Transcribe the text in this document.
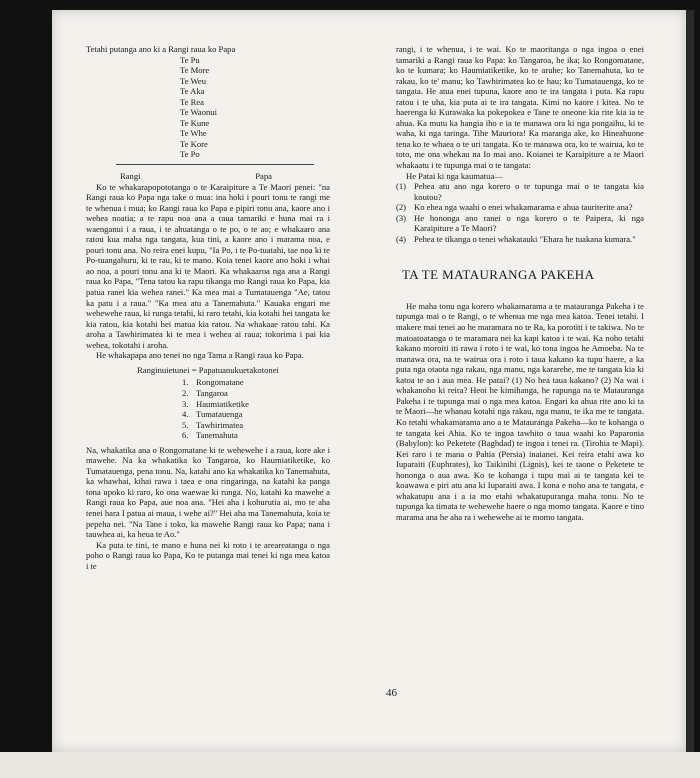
Tetahi putanga ano ki a Rangi raua ko Papa

Te Pu
Te More
Te Weu
Te Aka
Te Rea
Te Waonui
Te Kune
Te Whe
Te Kore
Te Po
Rangi	Papa

Ko te whakarapopototanga o te Karaipiture a Te Maori penei: "na Rangi raua ko Papa nga take o mua: ina hoki i pouri tonu te rangi me te whenua i mua; ko Rangi raua ko Papa e pipiri tonu ana, kaore ano i wehea noatia; a te rapu noa ana a raua tamariki e huna mai ra i waenganui i a raua, i te ahuatanga o te po, o te ao; e whakaaro ana ratou kua maha nga tangata, kua tini, a kaore ano i marama noa, e pouri tonu ana. No reira enei kupu, "Ia Po, i te Po-tuatahi, tae noa ki te Po-tuangahuru, ki te rau, ki te mano. Koia tenei kaore ano hoki i whai ao noa, a pouri tonu ana ki te Maori. Ka whakaaroa nga ana a Rangi raua ko Papa, "Tena tatou ka rapu tikanga mo Rangi raua ko Papa, kia patua ranei kia wehea ranei." Ka mea mai a Tumatauenga "Ae, tatou ka patu i a raua." "Ka mea atu a Tanemahuta." Kauaka engari me wehewehe raua, ki runga tetahi, ki raro tetahi, kia kotahi hei tangata ke kia ratou, kia kotahi hei matua kia ratou. Na whakaae ratou tahi. Ka aroha a Tawhirimatea ki te mea i wehea ai raua; tokorima i pai kia wehea, tokotahi i aroha.

He whakapapa ano tenei no nga Tama a Rangi raua ko Papa.

Ranginuietunei = Papatuanukuetakotonei
1. Rongomatane
2. Tangaroa
3. Haumiatiketike
4. Tumatauenga
5. Tawhirimatea
6. Tanemahuta

Na, whakatika ana o Rongomatane ki te wehewehe i a raua, kore ake i mawehe. Na ka whakatika ko Tangaroa, ko Haumiatiketike, ko Tumatauenga, pena tonu. Na, katahi ano ka whakatika ko Tanemahuta, ka whawhai, kihai rawa i taea e ona ringaringa, na katahi ka panga tona upoko ki raro, ko ona waewae ki runga. No, katahi ka mawehe a Rangi raua ko Papa, aue noa ana. "Hei aha i kohurutia ai, mo te aha tenei hara I patua ai maua, i wehe ai?" Hei aha ma Tanemahuta, koia te pepeha nei. "Na Tane i toko, ka mawehe Rangi raua ko Papa; nana i tauwhea ai, ka heua te Ao."

Ka puta te tini, te mano e huna nei ki roto i te areareatanga o nga poho o Rangi raua ko Papa, Ko te putanga mai tenei ki nga mea katoa i te

rangi, i te whenua, i te wai. Ko te maoritanga o nga ingoa o enei tamariki a Rangi raua ko Papa: ko Tangaroa, he ika; ko Rongomatane, ko te kumara; ko Haumiatiketike, ko te aruhe; ko Tanemahuta, ko te rakau, ko te' manu; ko Tawhirimatea ko te hau; ko Tumatauenga, ko te tangata. He atua enei tupuna, kaore ano te ira tangata i puta. Ka rapu ratou i te uha, kia puta ai te ira tangata. Kimi no kaore i kitea. No te haerenga ki Kurawaka ka pokepokea e Tane te oneone kia rite kia ia te ahua. Ka mutu ka hangia iho e ia te manawa ora ki nga pongaihu, ki te waha, ki nga taringa. Tihe Mauriora! Ka maranga ake, ko Hineahuone tena ko te whaea o te uri tangata. Ko te manawa ora, ko te wairua, ko te toto, me ona whekau na Io mai ano. Koianei te Karaipiture a te Maori whakaatu i te tupunga mai o te tangata:

He Patai ki nga kaumatua—

(1) Pehea atu ano nga korero o te tupunga mai o te tangata kia koutou?
(2) Ko ehea nga waahi o enei whakamarama e ahua tauriterite ana?
(3) He hononga ano ranei o nga korero o te Paipera, ki nga Karaipiture a Te Maori?
(4) Pehea te tikanga o tenei whakatauki "Ehara he tuakana kumara."
TA TE MATAURANGA PAKEHA

He maha tonu nga korero whakamarama a te matauranga Pakeha i te tupunga mai o te Rangi, o te whenua me nga mea katoa. Tenei tetahi. I makere mai tenei ao he maramara no te Ra, ka porotiti i te takiwa. No te matoatoatanga o te maramara nei ka kapi katoa i te wai. Ka noho tetahi kakano moroiti iti rawa i roto i te wai, ko tona ingoa he Amoeba. Na te manawa ora, na te wairua ora i roto i taua kakano ka tupu haere, a ka puta nga otaota nga rakau, nga manu, nga kararehe, me te tangata kia ki katoa te ao i aua mea. He patai? (1) No hea taua kakano? (2) Na wai i whakanoho ki reira? Heoi he kimihanga, he rapunga na te Matauranga Pakeha i te tupunga mai o nga mea katoa. Engari ka ahua rite ano ki ta te Maori—he whanau kotahi nga rakau, nga manu, te ika me te tangata. Ko tetahi whakamarama ano a te Matauranga Pakeha—ko te kohanga o te tangata kei Ahia. Ko te ingoa tawhito o taua waahi ko Paparonia (Babylon): ko Peketete (Baghdad) te ingoa i tenei ra. (Tirohia te Mapi). Kei raro i te mana o Pahia (Persia) inaianei. Kei reira etahi awa ko Iuparaiti (Euphrates), ko Taikinihi (Lignis), kei te taone o Peketete te hononga o aua awa. Ko te kohanga i tupu mai ai te tangata kei te koawawa e piri atu ana ki Iuparaiti awa. I kona e noho ana te tangata, e whakatupu ana i a ia mo etahi whakatupuranga maha tonu. No te tupunga ka timata te wehewehe haere o nga momo tangata. Kaore e tino marama ana he aha ra i wehewehe ai te momo tangata.

46
